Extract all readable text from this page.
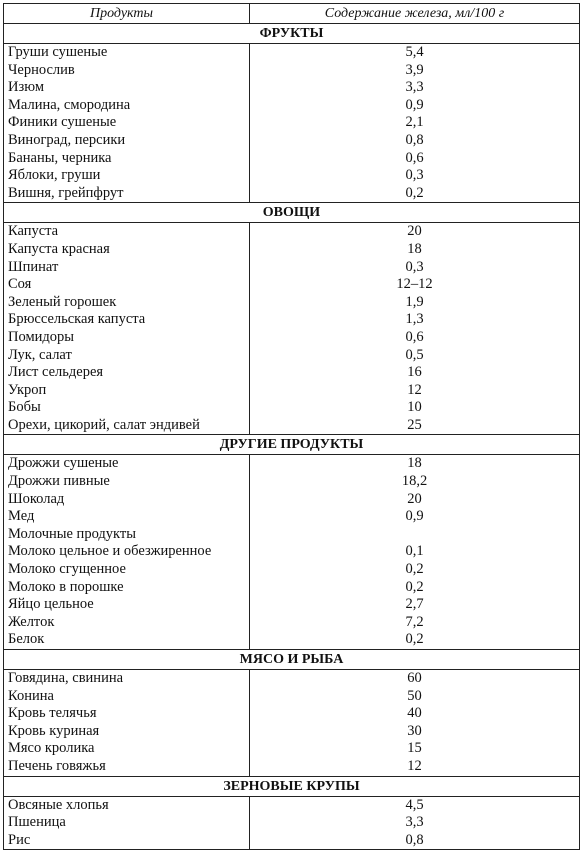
Продукты	Содержание железа, мл/100 г
ФРУКТЫ	
Груши сушеные	5,4
Чернослив	3,9
Изюм	3,3
Малина, смородина	0,9
Финики сушеные	2,1
Виноград, персики	0,8
Бананы, черника	0,6
Яблоки, груши	0,3
Вишня, грейпфрут	0,2
ОВОЩИ	
Капуста	20
Капуста красная	18
Шпинат	0,3
Соя	12–12
Зеленый горошек	1,9
Брюссельская капуста	1,3
Помидоры	0,6
Лук, салат	0,5
Лист сельдерея	16
Укроп	12
Бобы	10
Орехи, цикорий, салат эндивей	25
ДРУГИЕ ПРОДУКТЫ	
Дрожжи сушеные	18
Дрожжи пивные	18,2
Шоколад	20
Мед	0,9
Молочные продукты	
Молоко цельное и обезжиренное	0,1
Молоко сгущенное	0,2
Молоко в порошке	0,2
Яйцо цельное	2,7
Желток	7,2
Белок	0,2
МЯСО И РЫБА	
Говядина, свинина	60
Конина	50
Кровь телячья	40
Кровь куриная	30
Мясо кролика	15
Печень говяжья	12
ЗЕРНОВЫЕ КРУПЫ	
Овсяные хлопья	4,5
Пшеница	3,3
Рис	0,8
